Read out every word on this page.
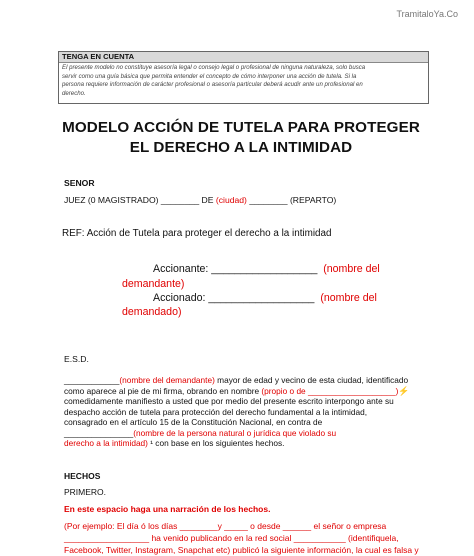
TramitaloYa.Co
TENGA EN CUENTA
El presente modelo no constituye asesoría legal o consejo legal o profesional de ninguna naturaleza, solo busca
servir como una guía básica que permita entender el concepto de cómo interponer una acción de tutela. Si la
persona requiere información de carácter profesional o asesoría particular deberá acudir ante un profesional en
derecho.
MODELO ACCIÓN DE TUTELA PARA PROTEGER
EL DERECHO A LA INTIMIDAD
SENOR
JUEZ (0 MAGISTRADO) ________ DE (ciudad) ________ (REPARTO)
REF: Acción de Tutela para proteger el derecho a la intimidad
Accionante: __________________ (nombre del
demandante)
Accionado: __________________ (nombre del
demandado)
E.S.D.
____________(nombre del demandante) mayor de edad y vecino de esta ciudad, identificado
como aparece al pie de mi firma, obrando en nombre (propio o de ___________________)⚡
comedidamente manifiesto a usted que por medio del presente escrito interpongo ante su
despacho acción de tutela para protección del derecho fundamental a la intimidad,
consagrado en el artículo 15 de la Constitución Nacional, en contra de
_______________(nombre de la persona natural o jurídica que violado su
derecho a la intimidad) ¹ con base en los siguientes hechos.
HECHOS
PRIMERO.
En este espacio haga una narración de los hechos.
(Por ejemplo: El día ó los días ________y _____ o desde ______ el señor o empresa
__________________ ha venido publicando en la red social ___________ (identifiquela,
Facebook, Twitter, Instagram, Snapchat etc) publicó la siguiente información, la cual es falsa y
